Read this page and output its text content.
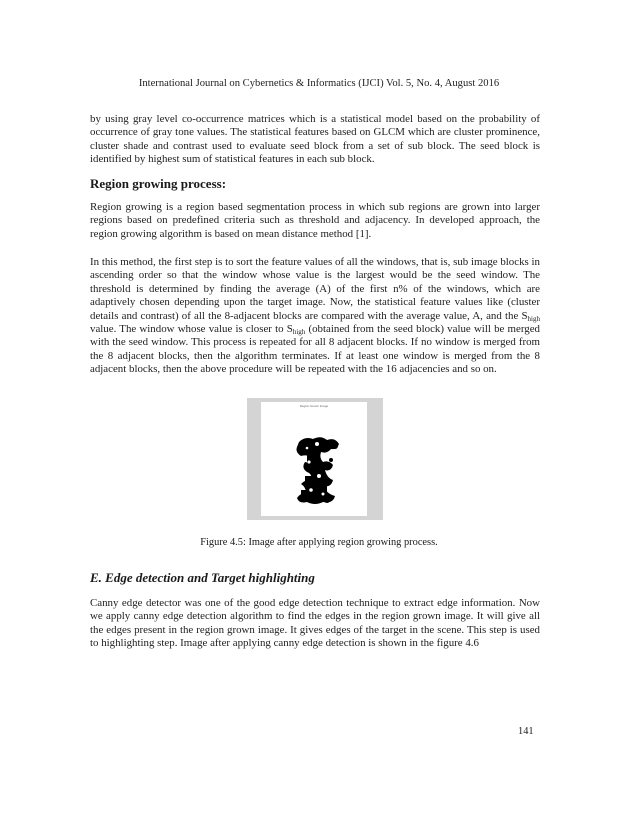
International Journal on Cybernetics & Informatics (IJCI) Vol. 5, No. 4, August 2016

by using gray level co-occurrence matrices which is a statistical model based on the probability of occurrence of gray tone values. The statistical features based on GLCM which are cluster prominence, cluster shade and contrast used to evaluate seed block from a set of sub block. The seed block is identified by highest sum of statistical features in each sub block.

Region growing process:

Region growing is a region based segmentation process in which sub regions are grown into larger regions based on predefined criteria such as threshold and adjacency. In developed approach, the region growing algorithm is based on mean distance method [1].

In this method, the first step is to sort the feature values of all the windows, that is, sub image blocks in ascending order so that the window whose value is the largest would be the seed window. The threshold is determined by finding the average (A) of the first n% of the windows, which are adaptively chosen depending upon the target image. Now, the statistical feature values like (cluster details and contrast) of all the 8-adjacent blocks are compared with the average value, A, and the $S_{high}$ value. The window whose value is closer to $S_{high}$ (obtained from the seed block) value will be merged with the seed window. This process is repeated for all 8 adjacent blocks. If no window is merged from the 8 adjacent blocks, then the algorithm terminates. If at least one window is merged from the 8 adjacent blocks, then the above procedure will be repeated with the 16 adjacencies and so on.

Region Grown Image
Figure 4.5: Image after applying region growing process.
E. Edge detection and Target highlighting

Canny edge detector was one of the good edge detection technique to extract edge information. Now we apply canny edge detection algorithm to find the edges in the region grown image. It will give all the edges present in the region grown image. It gives edges of the target in the scene. This step is used to highlighting step. Image after applying canny edge detection is shown in the figure 4.6

141
